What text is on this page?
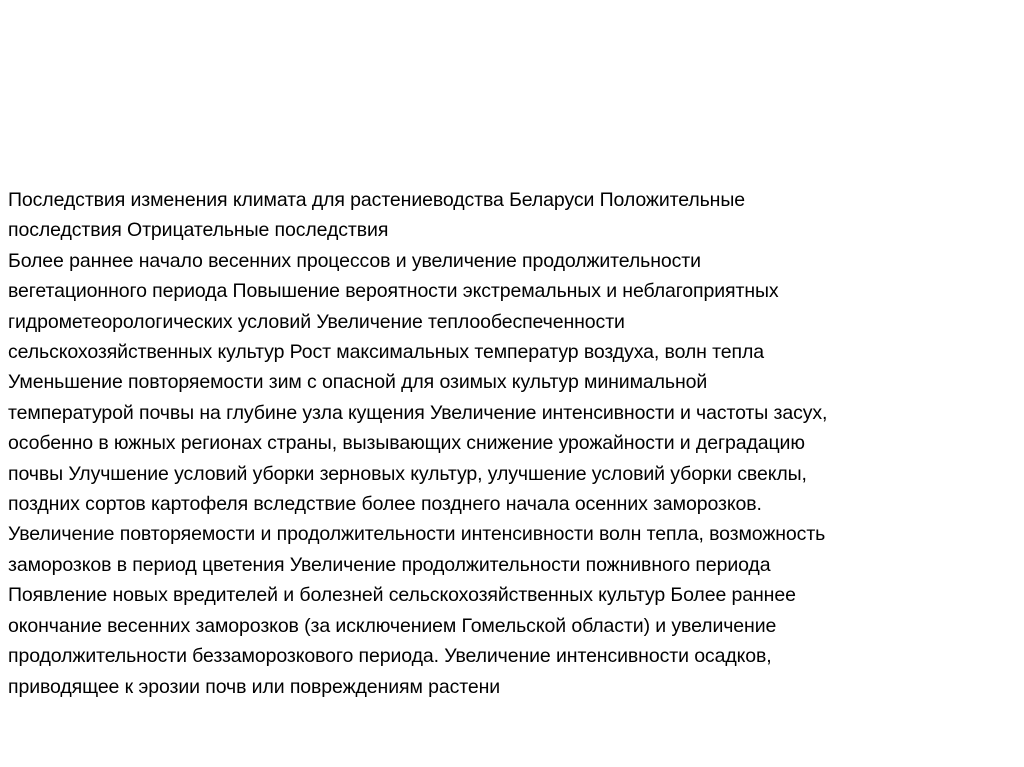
Последствия изменения климата для растениеводства Беларуси Положительные
последствия Отрицательные последствия
Более раннее начало весенних процессов и увеличение продолжительности
вегетационного периода Повышение вероятности экстремальных и неблагоприятных
гидрометеорологических условий Увеличение теплообеспеченности
сельскохозяйственных культур Рост максимальных температур воздуха, волн тепла
Уменьшение повторяемости зим с опасной для озимых культур минимальной
температурой почвы на глубине узла кущения Увеличение интенсивности и частоты засух,
особенно в южных регионах страны, вызывающих снижение урожайности и деградацию
почвы Улучшение условий уборки зерновых культур, улучшение условий уборки свеклы,
поздних сортов картофеля вследствие более позднего начала осенних заморозков.
Увеличение повторяемости и продолжительности интенсивности волн тепла, возможность
заморозков в период цветения Увеличение продолжительности пожнивного периода
Появление новых вредителей и болезней сельскохозяйственных культур Более раннее
окончание весенних заморозков (за исключением Гомельской области) и увеличение
продолжительности беззаморозкового периода. Увеличение интенсивности осадков,
приводящее к эрозии почв или повреждениям растени
